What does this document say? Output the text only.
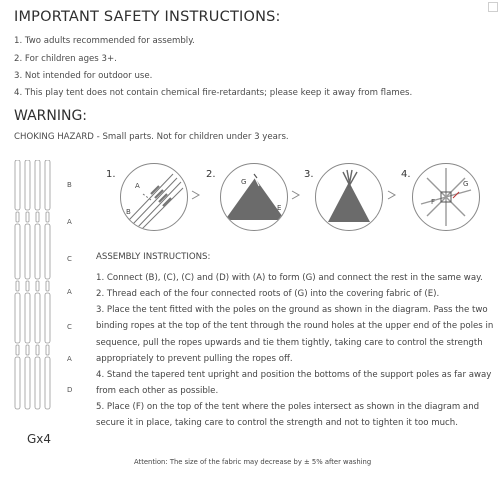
IMPORTANT SAFETY INSTRUCTIONS:
1. Two adults recommended for assembly.
2. For children ages 3+.
3. Not intended for outdoor use.
4. This play tent does not contain chemical fire-retardants; please keep it away from flames.
WARNING:
CHOKING HAZARD - Small parts. Not for children under 3 years.
B
A
C
A
C
A
D
Gx4
1.
A
B
2.
G
E
3.	4.
G
F
ASSEMBLY INSTRUCTIONS:
1. Connect (B), (C), (C) and (D) with (A) to form (G) and connect the rest in the same way.
2. Thread each of the four connected roots of (G) into the covering fabric of (E).
3. Place the tent fitted with the poles on the ground as shown in the diagram. Pass the two binding ropes at the top of the tent through the round holes at the upper end of the poles in sequence, pull the ropes upwards and tie them tightly, taking care to control the strength appropriately to prevent pulling the ropes off.
4. Stand the tapered tent upright and position the bottoms of the support poles as far away from each other as possible.
5. Place (F) on the top of the tent where the poles intersect as shown in the diagram and secure it in place, taking care to control the strength and not to tighten it too much.
Attention: The size of the fabric may decrease by ± 5% after washing
